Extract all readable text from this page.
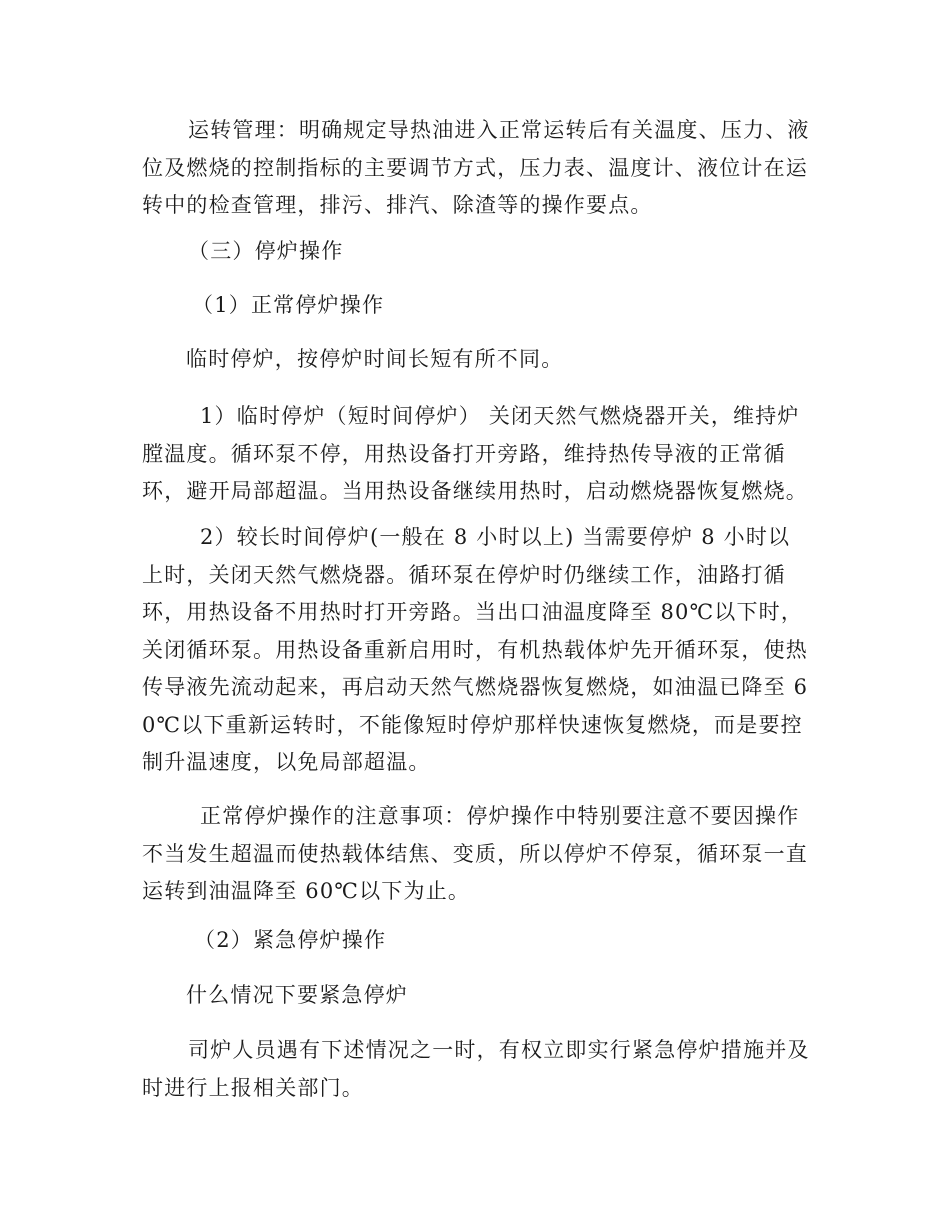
运转管理：明确规定导热油进入正常运转后有关温度、压力、液位及燃烧的控制指标的主要调节方式，压力表、温度计、液位计在运转中的检查管理，排污、排汽、除渣等的操作要点。

（三）停炉操作

（1）正常停炉操作

临时停炉，按停炉时间长短有所不同。

1）临时停炉（短时间停炉） 关闭天然气燃烧器开关，维持炉膛温度。循环泵不停，用热设备打开旁路，维持热传导液的正常循环，避开局部超温。当用热设备继续用热时，启动燃烧器恢复燃烧。

2）较长时间停炉(一般在 8 小时以上) 当需要停炉 8 小时以上时，关闭天然气燃烧器。循环泵在停炉时仍继续工作，油路打循环，用热设备不用热时打开旁路。当出口油温度降至 80℃以下时，关闭循环泵。用热设备重新启用时，有机热载体炉先开循环泵，使热传导液先流动起来，再启动天然气燃烧器恢复燃烧，如油温已降至 60℃以下重新运转时，不能像短时停炉那样快速恢复燃烧，而是要控制升温速度，以免局部超温。

正常停炉操作的注意事项：停炉操作中特别要注意不要因操作不当发生超温而使热载体结焦、变质，所以停炉不停泵，循环泵一直运转到油温降至 60℃以下为止。

（2）紧急停炉操作

什么情况下要紧急停炉

司炉人员遇有下述情况之一时，有权立即实行紧急停炉措施并及时进行上报相关部门。
